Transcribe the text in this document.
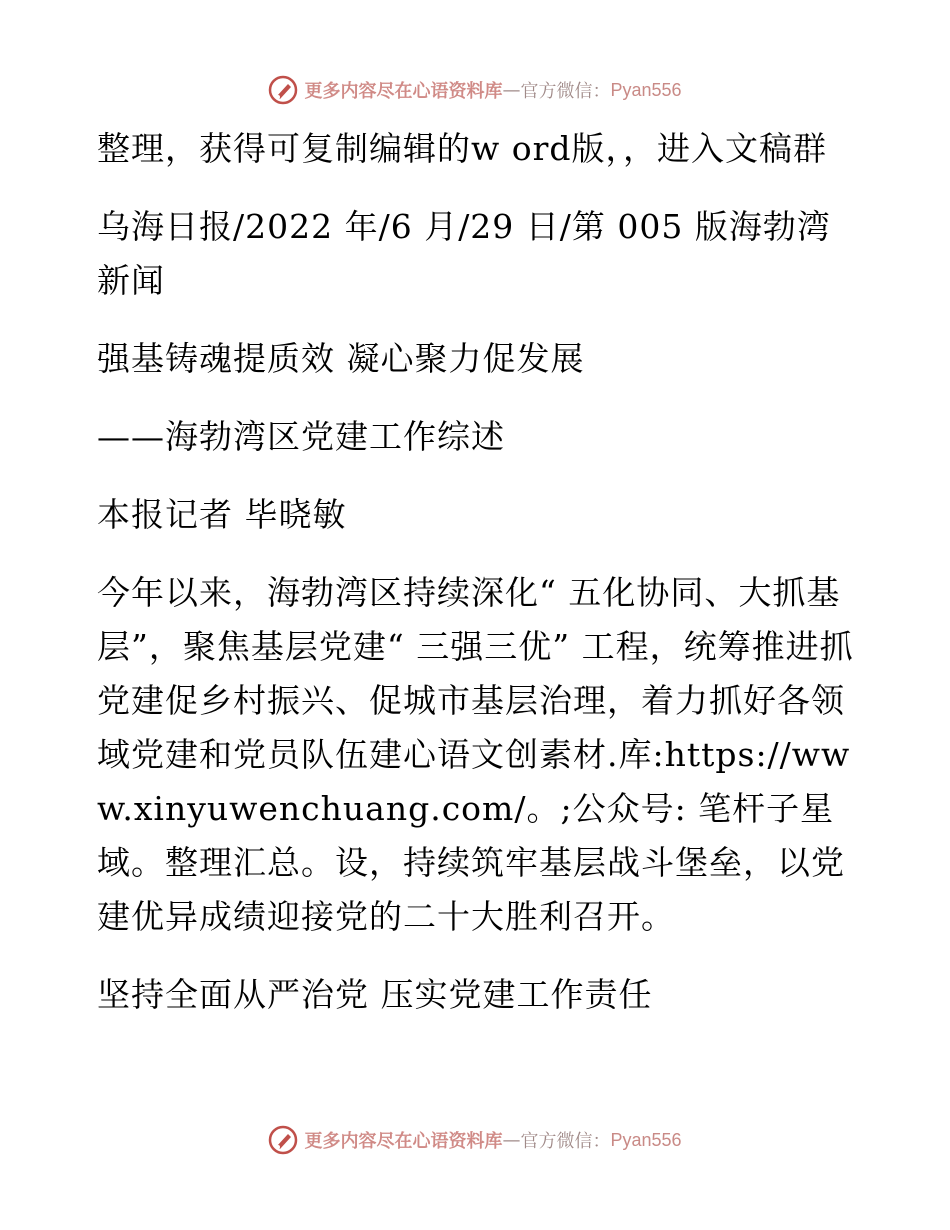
更多内容尽在心语资料库 — 官方微信： Pyan556

整理，获得可复制编辑的w ord版，，进入文稿群

乌海日报/2022 年/6 月/29 日/第 005 版海勃湾新闻

强基铸魂提质效 凝心聚力促发展

——海勃湾区党建工作综述

本报记者 毕晓敏

今年以来，海勃湾区持续深化“ 五化协同、大抓基层”，聚焦基层党建“ 三强三优” 工程，统筹推进抓党建促乡村振兴、促城市基层治理，着力抓好各领域党建和党员队伍建心语文创素材.库:https://www.xinyuwenchuang.com/。;公众号: 笔杆子星域。整理汇总。设，持续筑牢基层战斗堡垒，以党建优异成绩迎接党的二十大胜利召开。

坚持全面从严治党 压实党建工作责任

更多内容尽在心语资料库 — 官方微信： Pyan556
